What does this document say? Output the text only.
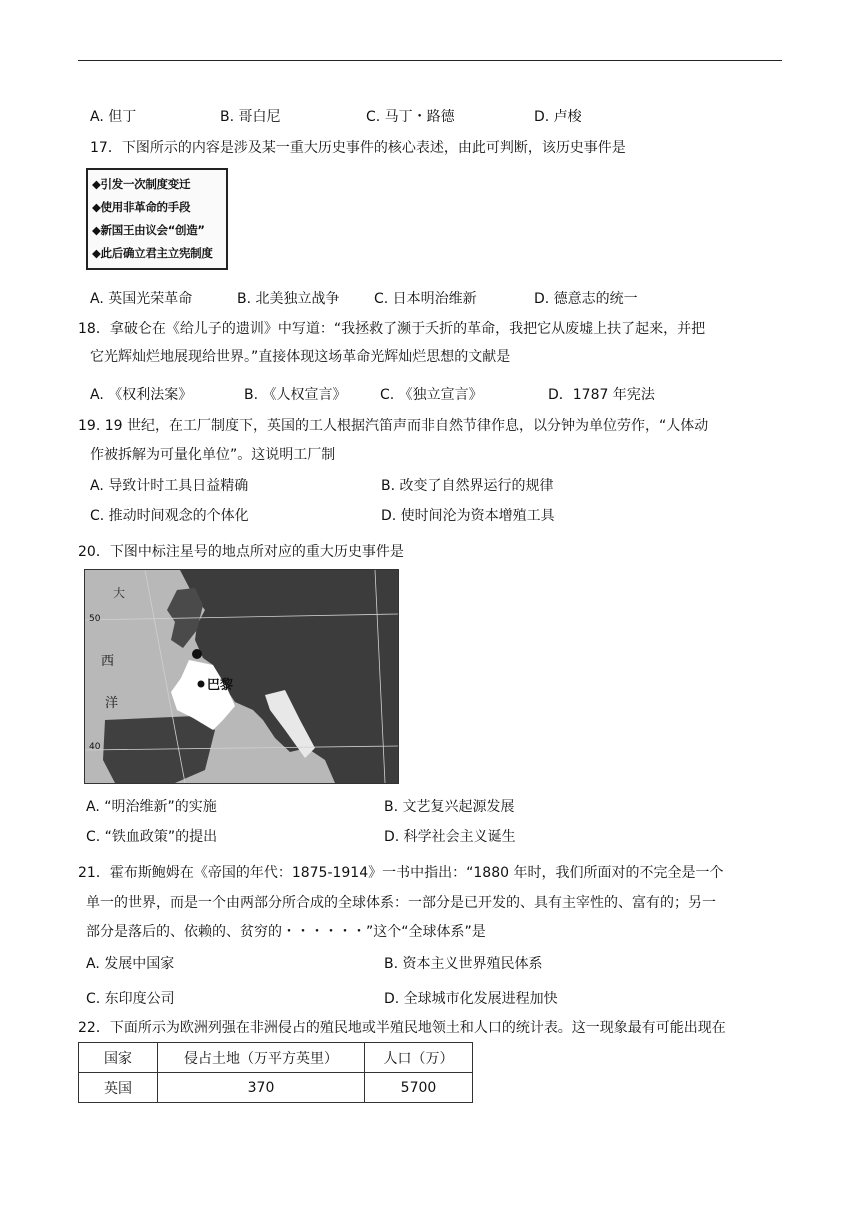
A. 但丁	B. 哥白尼	C. 马丁・路德	D. 卢梭
17．下图所示的内容是涉及某一重大历史事件的核心表述，由此可判断，该历史事件是
◆引发一次制度变迁
◆使用非革命的手段
◆新国王由议会“创造”
◆此后确立君主立宪制度
A. 英国光荣革命	B. 北美独立战争 C. 日本明治维新	D. 德意志的统一
18．拿破仑在《给儿子的遗训》中写道：“我拯救了濒于夭折的革命，我把它从废墟上扶了起来，并把
它光辉灿烂地展现给世界。”直接体现这场革命光辉灿烂思想的文献是
A. 《权利法案》	B. 《人权宣言》 C. 《独立宣言》	D．1787 年宪法
19. 19 世纪，在工厂制度下，英国的工人根据汽笛声而非自然节律作息，以分钟为单位劳作，“人体动
作被拆解为可量化单位”。这说明工厂制
A. 导致计时工具日益精确	B. 改变了自然界运行的规律
C. 推动时间观念的个体化	D. 使时间沦为资本增殖工具
20．下图中标注星号的地点所对应的重大历史事件是
巴黎
西
洋
50
40
大
A. “明治维新”的实施	B. 文艺复兴起源发展
C. “铁血政策”的提出	D. 科学社会主义诞生
21．霍布斯鲍姆在《帝国的年代：1875-1914》一书中指出：“1880 年时，我们所面对的不完全是一个
单一的世界，而是一个由两部分所合成的全球体系：一部分是已开发的、具有主宰性的、富有的；另一
部分是落后的、依赖的、贫穷的・・・・・・”这个“全球体系”是
A. 发展中国家	B. 资本主义世界殖民体系
C. 东印度公司	D. 全球城市化发展进程加快
22．下面所示为欧洲列强在非洲侵占的殖民地或半殖民地领土和人口的统计表。这一现象最有可能出现在
国家	侵占土地（万平方英里）	人口（万）
英国	370	5700
